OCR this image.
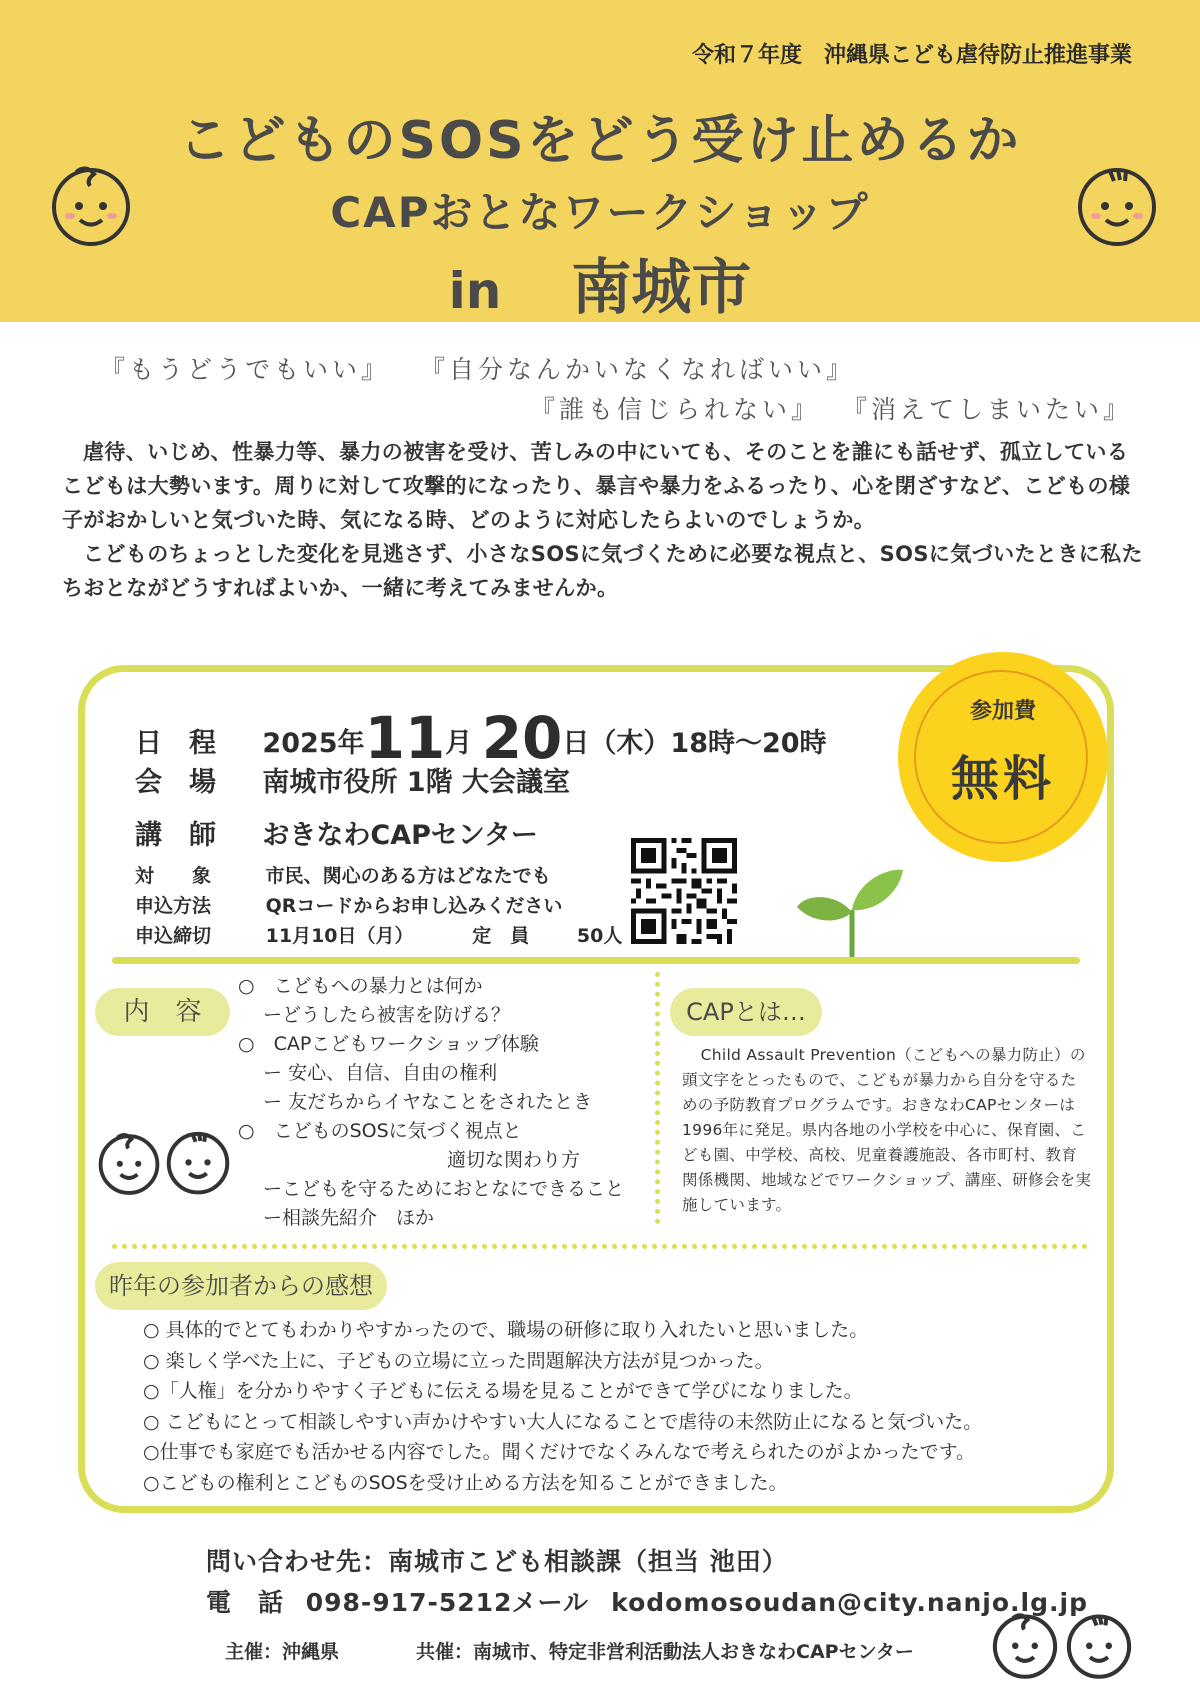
令和７年度　沖縄県こども虐待防止推進事業
こどものSOSをどう受け止めるか
CAPおとなワークショップ
in 南城市
『もうどうでもいい』 『自分なんかいなくなればいい』
『誰も信じられない』 『消えてしまいたい』

虐待、いじめ、性暴力等、暴力の被害を受け、苦しみの中にいても、そのことを誰にも話せず、孤立しているこどもは大勢います。周りに対して攻撃的になったり、暴言や暴力をふるったり、心を閉ざすなど、こどもの様子がおかしいと気づいた時、気になる時、どのように対応したらよいのでしょうか。

こどものちょっとした変化を見逃さず、小さなSOSに気づくために必要な視点と、SOSに気づいたときに私たちおとながどうすればよいか、一緒に考えてみませんか。

日　程 2025年11月 20日（木）18時～20時
会　場 南城市役所 1階 大会議室
講　師 おきなわCAPセンター
対　　象	市民、関心のある方はどなたでも
申込方法	QRコードからお申し込みください
申込締切	11月10日（月）	定　員	50人
参加費
無料
内　容
○　こどもへの暴力とは何か
　 ーどうしたら被害を防げる？
○　CAPこどもワークショップ体験
　 ー 安心、自信、自由の権利
　 ー 友だちからイヤなことをされたとき
○　こどものSOSに気づく視点と
　　　　　　　　　　　適切な関わり方
　 ーこどもを守るためにおとなにできること
　 ー相談先紹介　ほか
CAPとは…

Child Assault Prevention（こどもへの暴力防止）の頭文字をとったもので、こどもが暴力から自分を守るための予防教育プログラムです。おきなわCAPセンターは1996年に発足。県内各地の小学校を中心に、保育園、こども園、中学校、高校、児童養護施設、各市町村、教育関係機関、地域などでワークショップ、講座、研修会を実施しています。

昨年の参加者からの感想
○ 具体的でとてもわかりやすかったので、職場の研修に取り入れたいと思いました。
○ 楽しく学べた上に、子どもの立場に立った問題解決方法が見つかった。
○「人権」を分かりやすく子どもに伝える場を見ることができて学びになりました。
○ こどもにとって相談しやすい声かけやすい大人になることで虐待の未然防止になると気づいた。
○仕事でも家庭でも活かせる内容でした。聞くだけでなくみんなで考えられたのがよかったです。
○こどもの権利とこどものSOSを受け止める方法を知ることができました。
問い合わせ先：南城市こども相談課（担当 池田）
電　話 098-917-5212 メール kodomosoudan@city.nanjo.lg.jp
主催：沖縄県	共催：南城市、特定非営利活動法人おきなわCAPセンター
